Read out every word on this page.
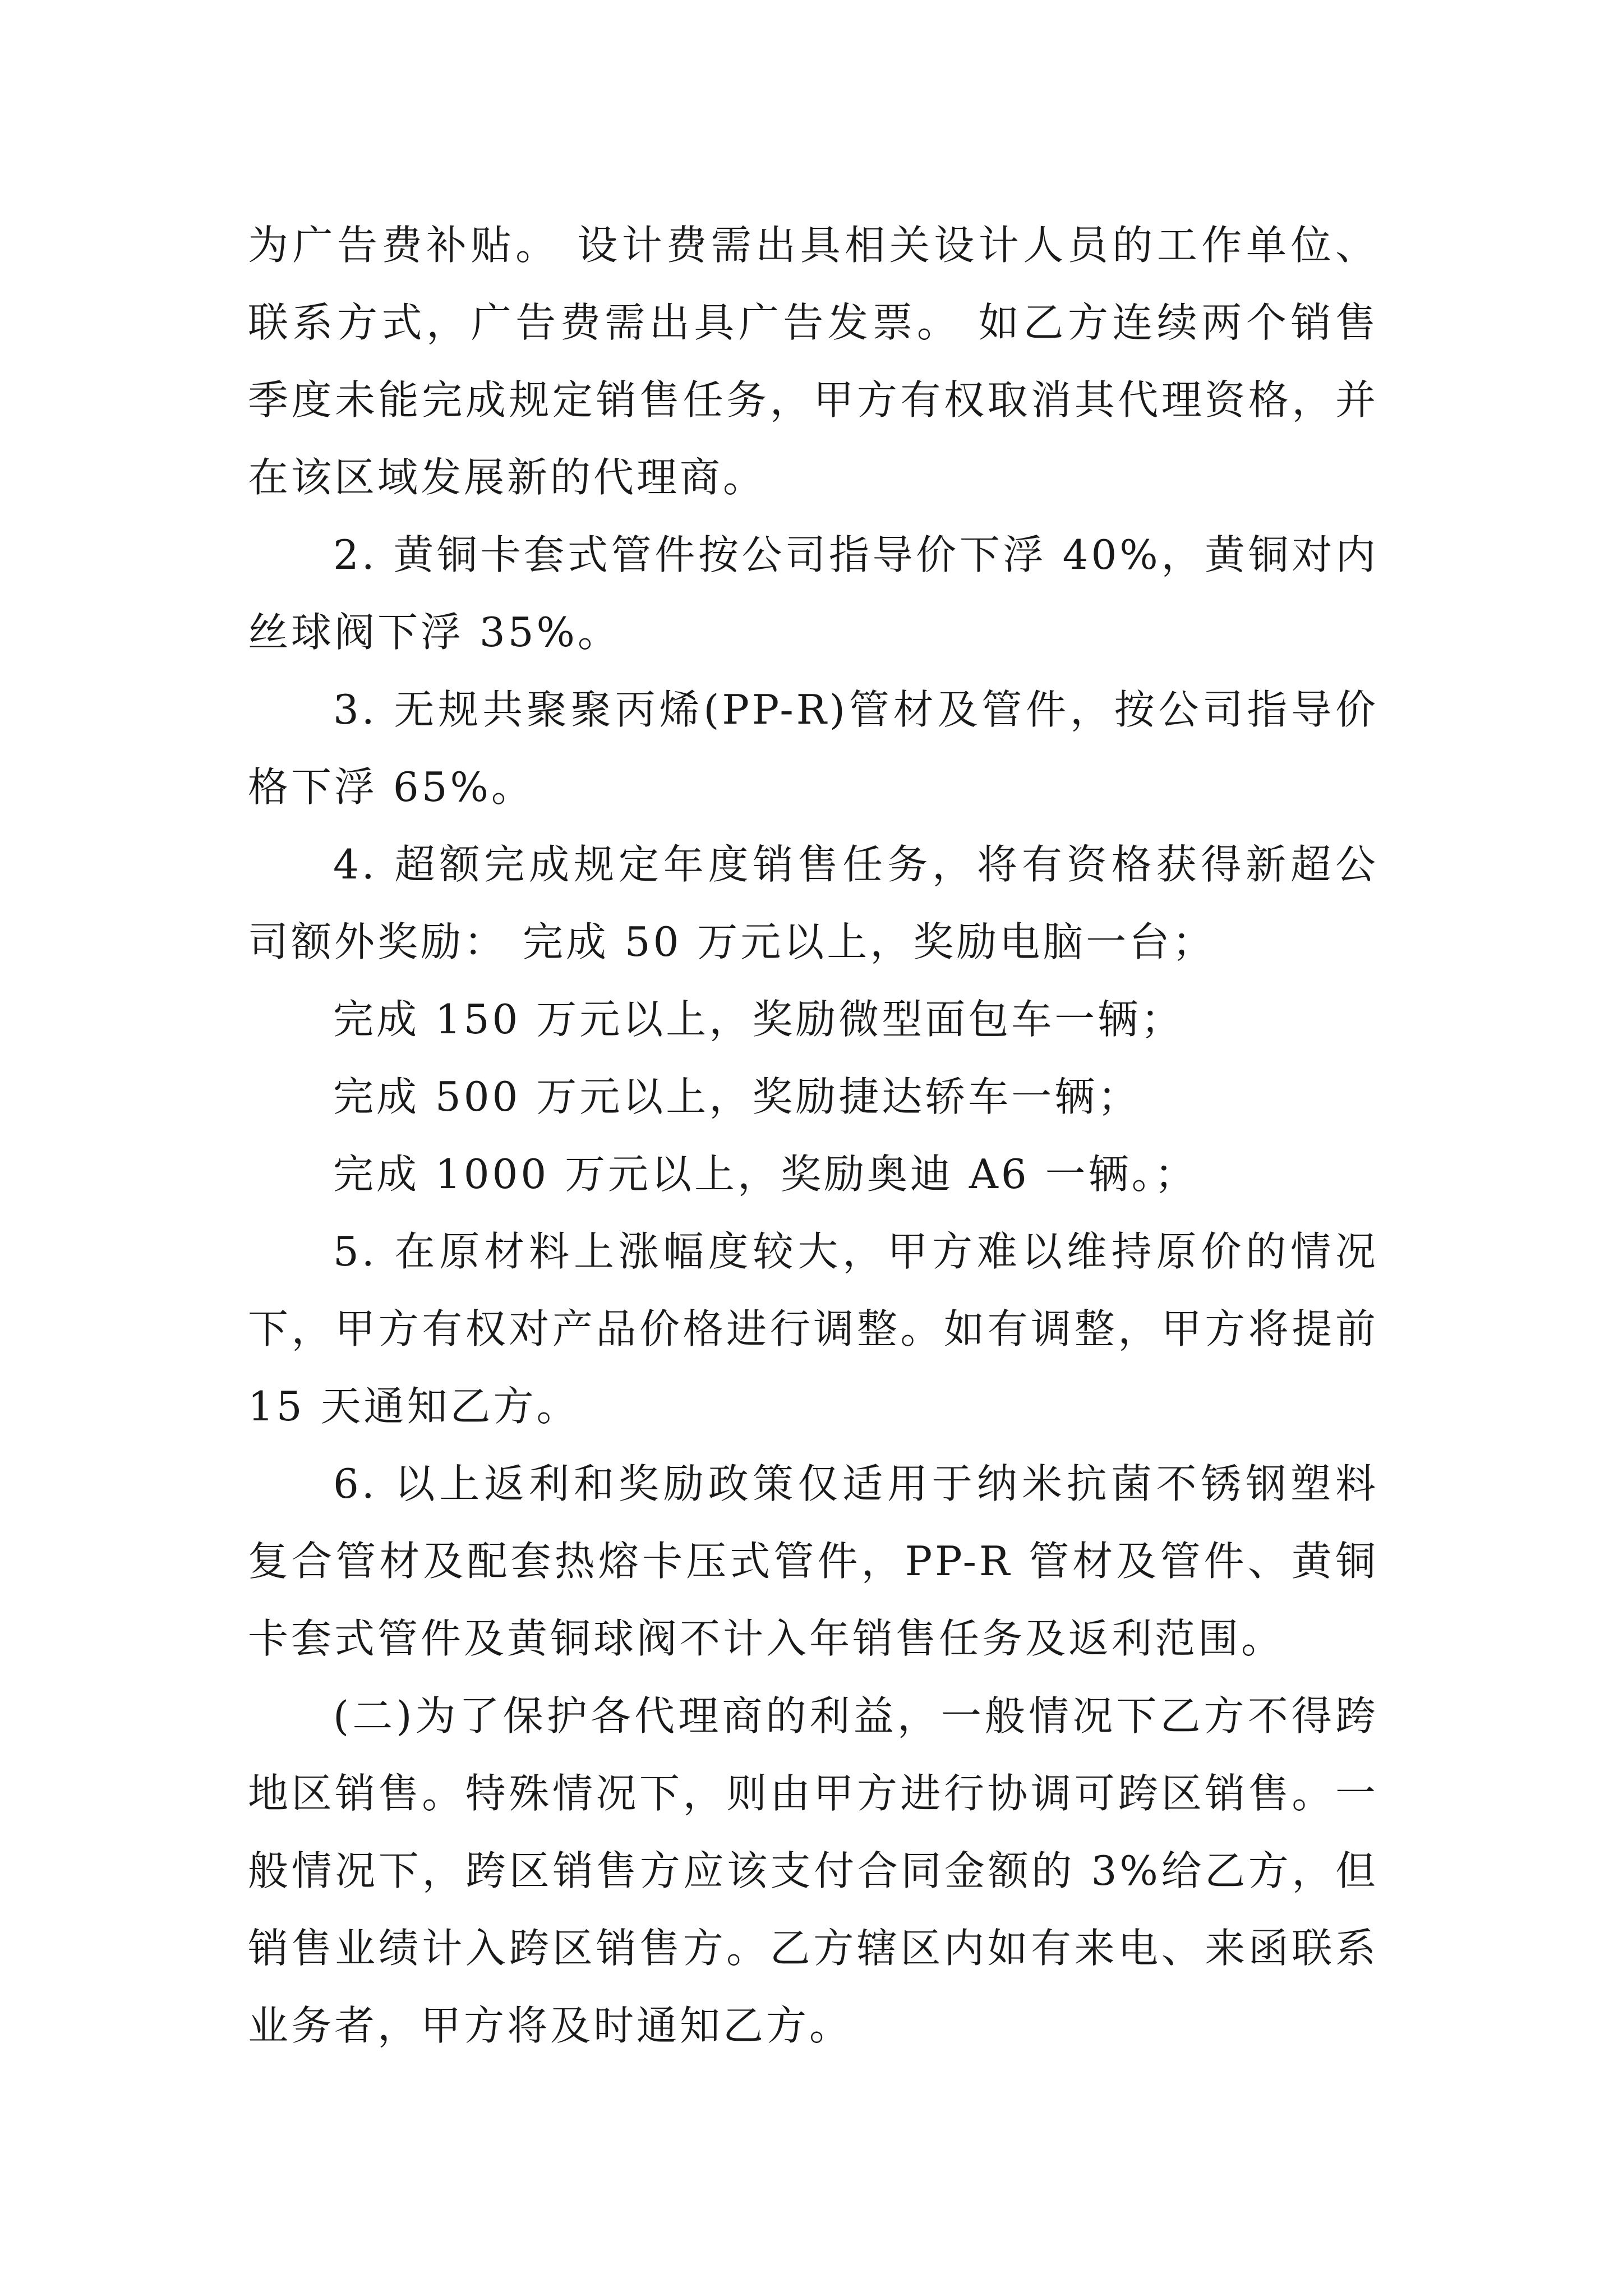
为广告费补贴。 设计费需出具相关设计人员的工作单位、联系方式，广告费需出具广告发票。 如乙方连续两个销售季度未能完成规定销售任务，甲方有权取消其代理资格，并在该区域发展新的代理商。

2. 黄铜卡套式管件按公司指导价下浮 40%，黄铜对内丝球阀下浮 35%。

3. 无规共聚聚丙烯(PP-R)管材及管件，按公司指导价格下浮 65%。

4. 超额完成规定年度销售任务，将有资格获得新超公司额外奖励： 完成 50 万元以上，奖励电脑一台；

完成 150 万元以上，奖励微型面包车一辆；

完成 500 万元以上，奖励捷达轿车一辆；

完成 1000 万元以上，奖励奥迪 A6 一辆。；

5. 在原材料上涨幅度较大，甲方难以维持原价的情况下，甲方有权对产品价格进行调整。如有调整，甲方将提前 15 天通知乙方。

6. 以上返利和奖励政策仅适用于纳米抗菌不锈钢塑料复合管材及配套热熔卡压式管件，PP-R 管材及管件、黄铜卡套式管件及黄铜球阀不计入年销售任务及返利范围。

(二)为了保护各代理商的利益，一般情况下乙方不得跨地区销售。特殊情况下，则由甲方进行协调可跨区销售。一般情况下，跨区销售方应该支付合同金额的 3%给乙方，但销售业绩计入跨区销售方。乙方辖区内如有来电、来函联系业务者，甲方将及时通知乙方。
